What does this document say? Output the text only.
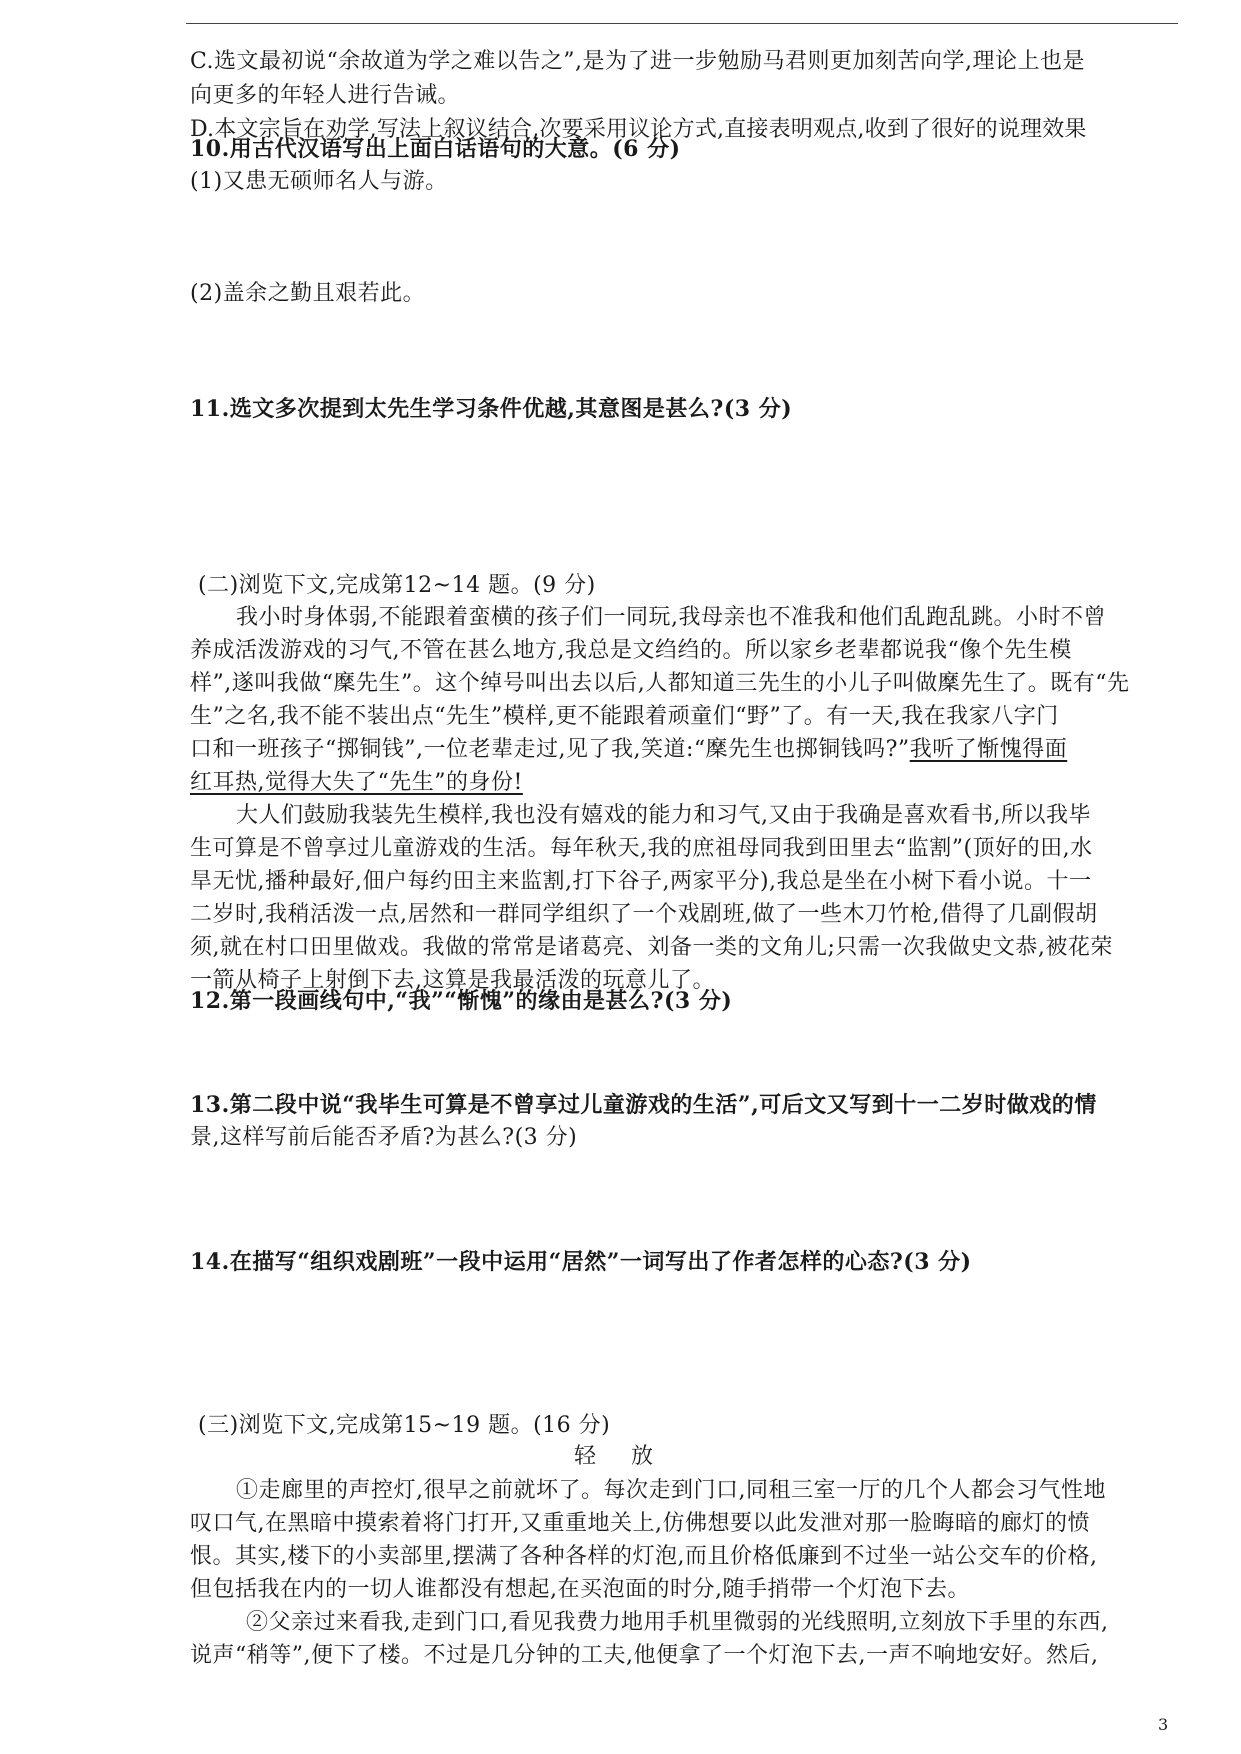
C.选文最初说“余故道为学之难以告之”,是为了进一步勉励马君则更加刻苦向学,理论上也是
向更多的年轻人进行告诫。
D.本文宗旨在劝学,写法上叙议结合,次要采用议论方式,直接表明观点,收到了很好的说理效果
10.用古代汉语写出上面白话语句的大意。(6 分)
(1)又患无硕师名人与游。
(2)盖余之勤且艰若此。
11.选文多次提到太先生学习条件优越,其意图是甚么?(3 分)
(二)浏览下文,完成第12~14 题。(9 分)
我小时身体弱,不能跟着蛮横的孩子们一同玩,我母亲也不准我和他们乱跑乱跳。小时不曾
养成活泼游戏的习气,不管在甚么地方,我总是文绉绉的。所以家乡老辈都说我“像个先生模
样”,遂叫我做“穈先生”。这个绰号叫出去以后,人都知道三先生的小儿子叫做穈先生了。既有“先
生”之名,我不能不装出点“先生”模样,更不能跟着顽童们“野”了。有一天,我在我家八字门
口和一班孩子“掷铜钱”,一位老辈走过,见了我,笑道:“穈先生也掷铜钱吗?”我听了惭愧得面
红耳热,觉得大失了“先生”的身份!
大人们鼓励我装先生模样,我也没有嬉戏的能力和习气,又由于我确是喜欢看书,所以我毕
生可算是不曾享过儿童游戏的生活。每年秋天,我的庶祖母同我到田里去“监割”(顶好的田,水
旱无忧,播种最好,佃户每约田主来监割,打下谷子,两家平分),我总是坐在小树下看小说。十一
二岁时,我稍活泼一点,居然和一群同学组织了一个戏剧班,做了一些木刀竹枪,借得了几副假胡
须,就在村口田里做戏。我做的常常是诸葛亮、刘备一类的文角儿;只需一次我做史文恭,被花荣
一箭从椅子上射倒下去,这算是我最活泼的玩意儿了。
12.第一段画线句中,“我”“惭愧”的缘由是甚么?(3 分)
13.第二段中说“我毕生可算是不曾享过儿童游戏的生活”,可后文又写到十一二岁时做戏的情
景,这样写前后能否矛盾?为甚么?(3 分)
14.在描写“组织戏剧班”一段中运用“居然”一词写出了作者怎样的心态?(3 分)
(三)浏览下文,完成第15~19 题。(16 分)
轻 放
①走廊里的声控灯,很早之前就坏了。每次走到门口,同租三室一厅的几个人都会习气性地
叹口气,在黑暗中摸索着将门打开,又重重地关上,仿佛想要以此发泄对那一脸晦暗的廊灯的愤
恨。其实,楼下的小卖部里,摆满了各种各样的灯泡,而且价格低廉到不过坐一站公交车的价格,
但包括我在内的一切人谁都没有想起,在买泡面的时分,随手捎带一个灯泡下去。
②父亲过来看我,走到门口,看见我费力地用手机里微弱的光线照明,立刻放下手里的东西,
说声“稍等”,便下了楼。不过是几分钟的工夫,他便拿了一个灯泡下去,一声不响地安好。然后,
3
